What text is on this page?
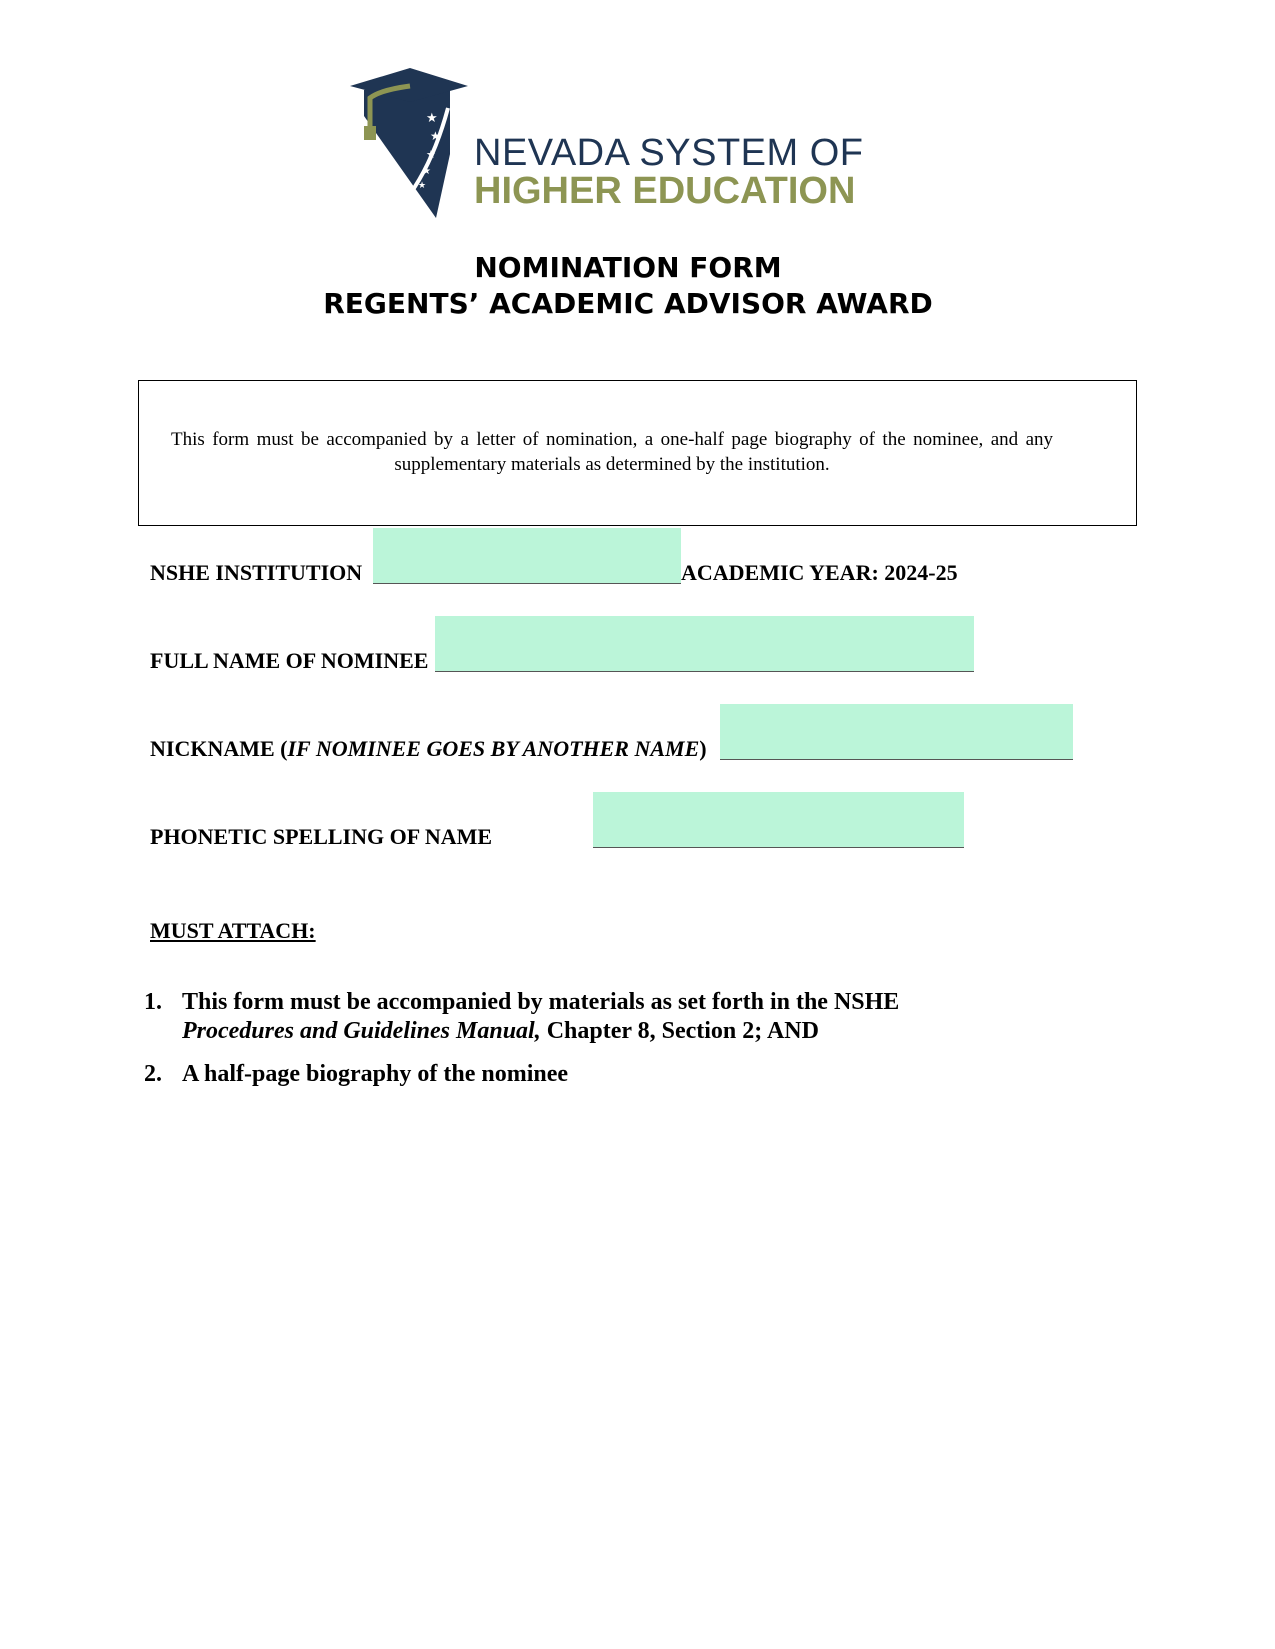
★
★
★
★
★
NEVADA SYSTEM OF
HIGHER EDUCATION
NOMINATION FORM
REGENTS’ ACADEMIC ADVISOR AWARD
This form must be accompanied by a letter of nomination, a one-half page biography of the nominee, and any supplementary materials as determined by the institution.
NSHE INSTITUTION	ACADEMIC YEAR: 2024-25
FULL NAME OF NOMINEE
NICKNAME (IF NOMINEE GOES BY ANOTHER NAME)
PHONETIC SPELLING OF NAME
MUST ATTACH:
1. This form must be accompanied by materials as set forth in the NSHE
Procedures and Guidelines Manual, Chapter 8, Section 2; AND
2. A half-page biography of the nominee
